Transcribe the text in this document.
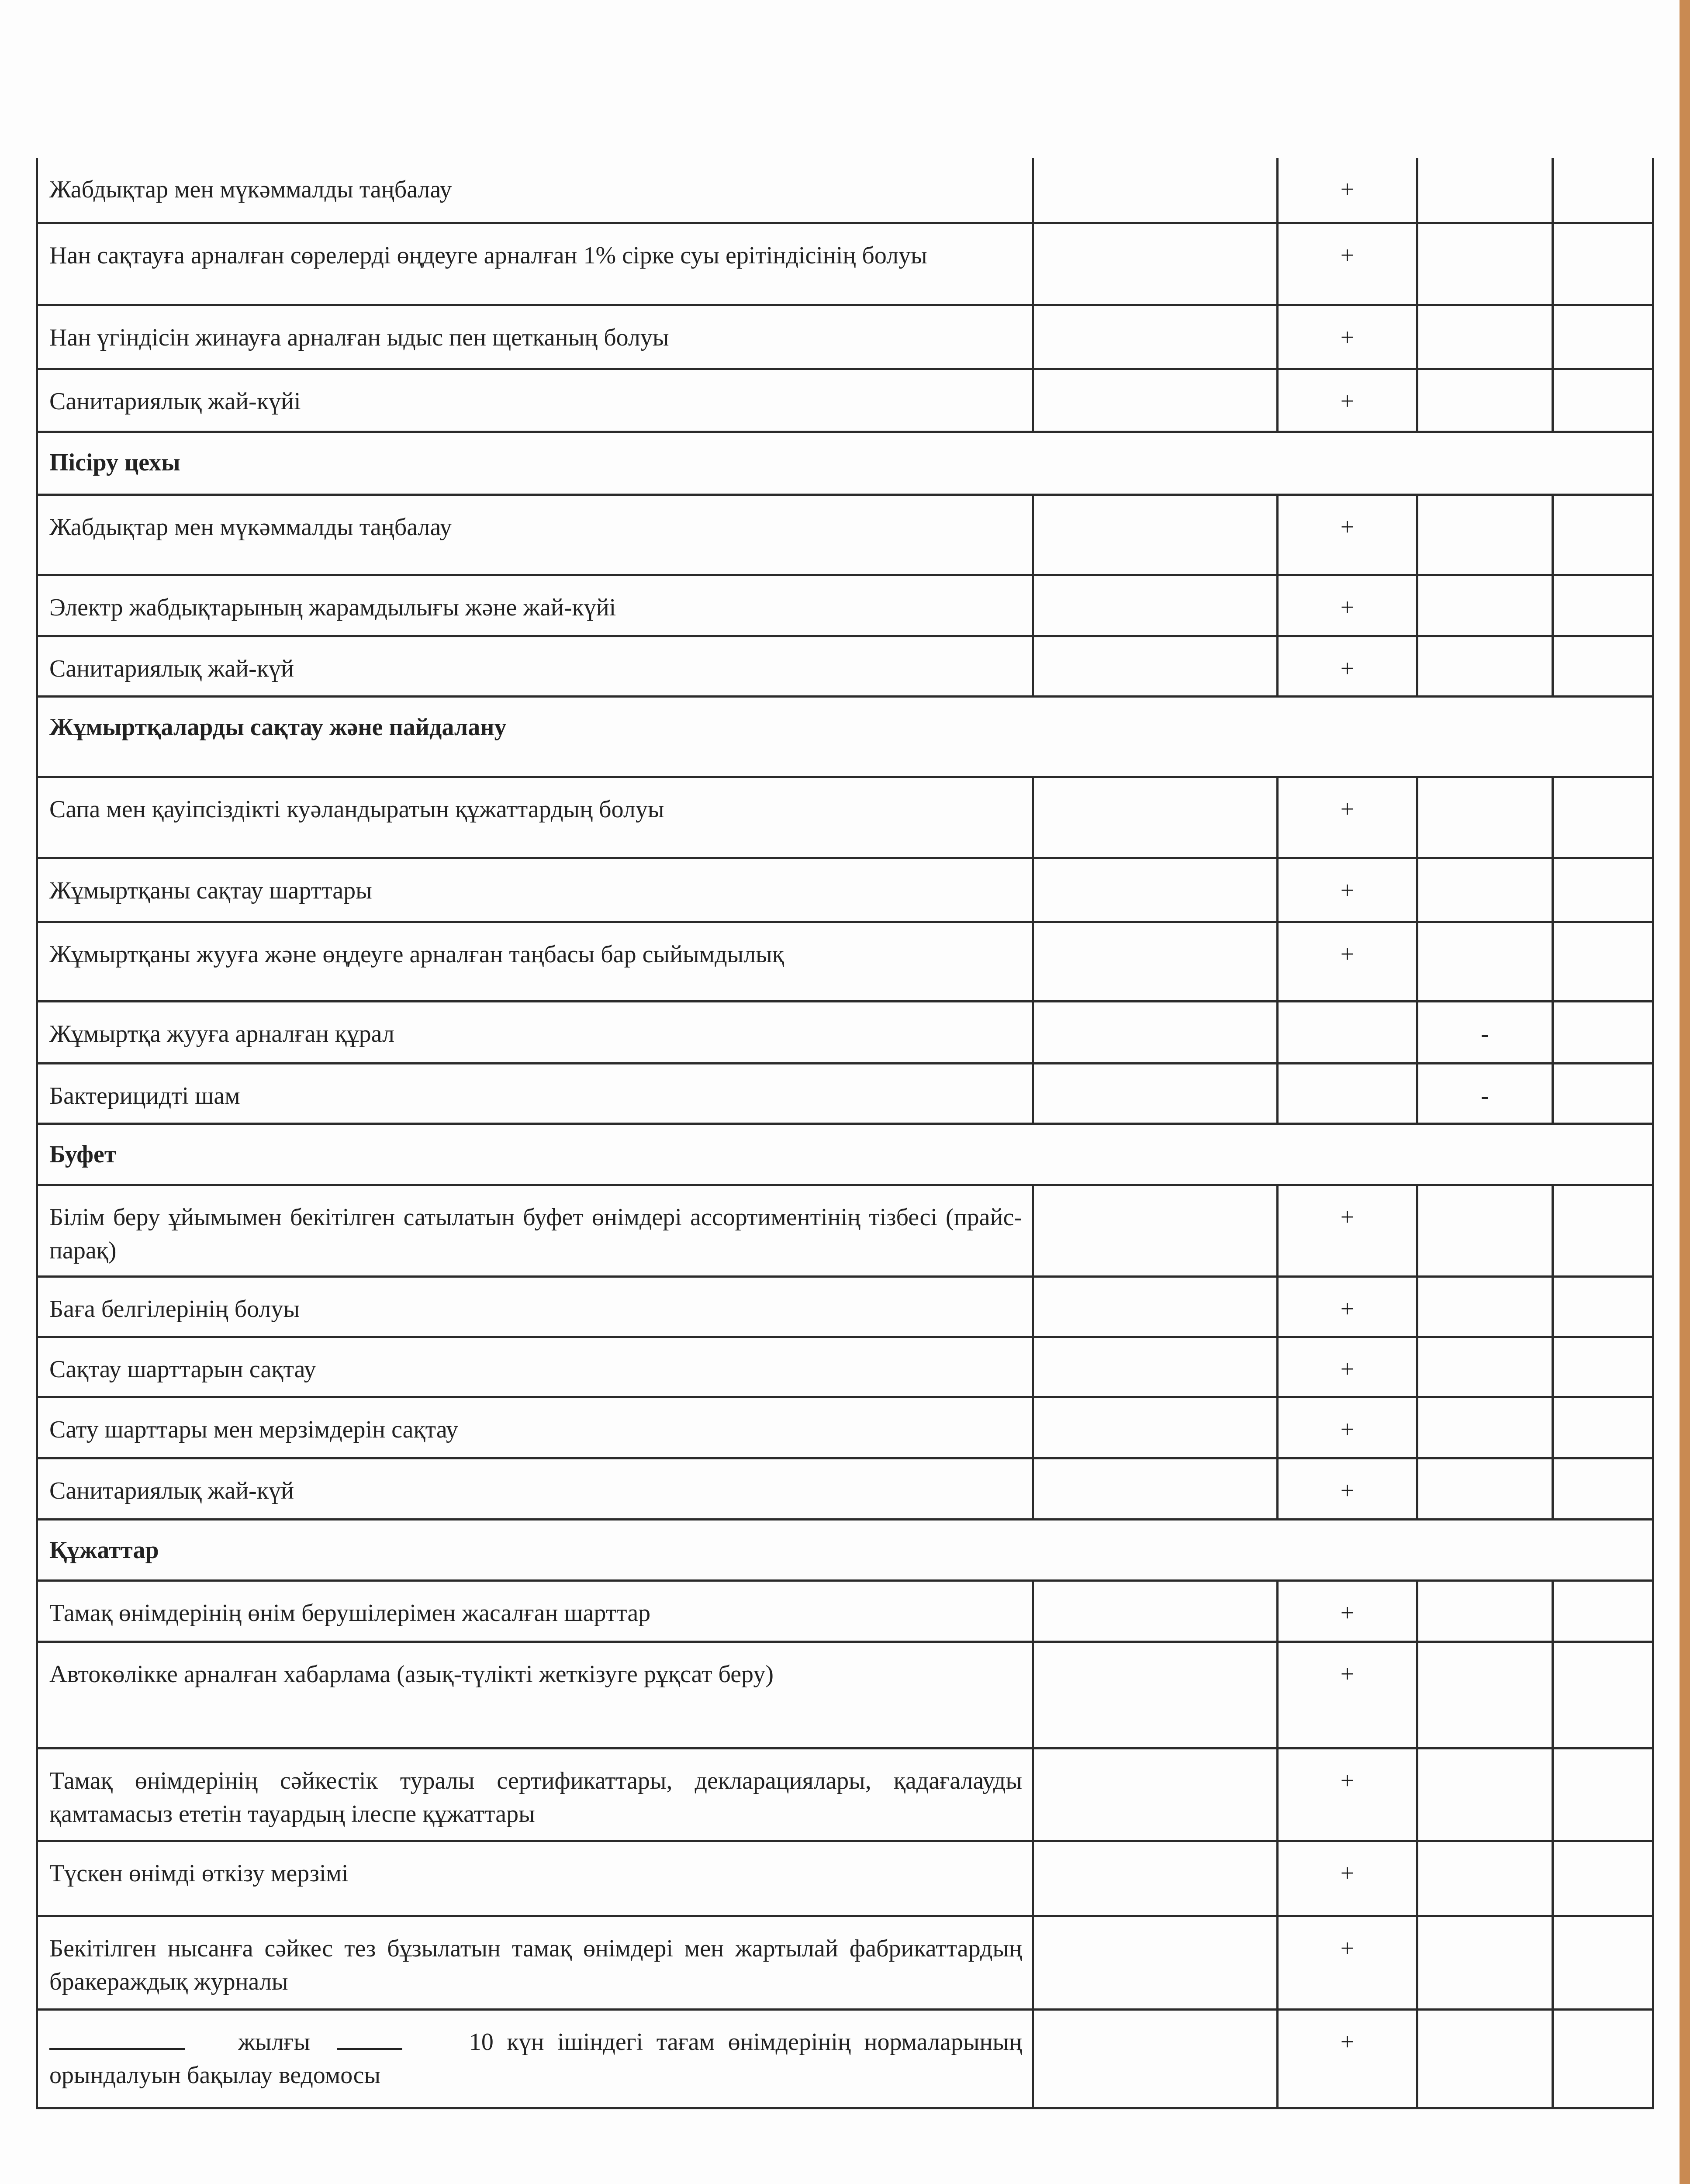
Жабдықтар мен мүкәммалды таңбалау		+		
Нан сақтауға арналған сөрелерді өңдеуге арналған 1% сірке суы ерітіндісінің болуы		+		
Нан үгіндісін жинауға арналған ыдыс пен щетканың болуы		+		
Санитариялық жай-күйі		+		
Пісіру цехы				
Жабдықтар мен мүкәммалды таңбалау		+		
Электр жабдықтарының жарамдылығы және жай-күйі		+		
Санитариялық жай-күй		+		
Жұмыртқаларды сақтау және пайдалану				
Сапа мен қауіпсіздікті куәландыратын құжаттардың болуы		+		
Жұмыртқаны сақтау шарттары		+		
Жұмыртқаны жууға және өңдеуге арналған таңбасы бар сыйымдылық		+		
Жұмыртқа жууға арналған құрал			-	
Бактерицидті шам			-	
Буфет				
Білім беру ұйымымен бекітілген сатылатын буфет өнімдері ассортиментінің тізбесі (прайс-парақ)		+		
Баға белгілерінің болуы		+		
Сақтау шарттарын сақтау		+		
Сату шарттары мен мерзімдерін сақтау		+		
Санитариялық жай-күй		+		
Құжаттар				
Тамақ өнімдерінің өнім берушілерімен жасалған шарттар		+		
Автокөлікке арналған хабарлама (азық-түлікті жеткізуге рұқсат беру)		+		
Тамақ өнімдерінің сәйкестік туралы сертификаттары, декларациялары, қадағалауды қамтамасыз ететін тауардың ілеспе құжаттары		+		
Түскен өнімді өткізу мерзімі		+		
Бекітілген нысанға сәйкес тез бұзылатын тамақ өнімдері мен жартылай фабрикаттардың бракераждық журналы		+		
жылғы 10 күн ішіндегі тағам өнімдерінің нормаларының орындалуын бақылау ведомосы		+		
